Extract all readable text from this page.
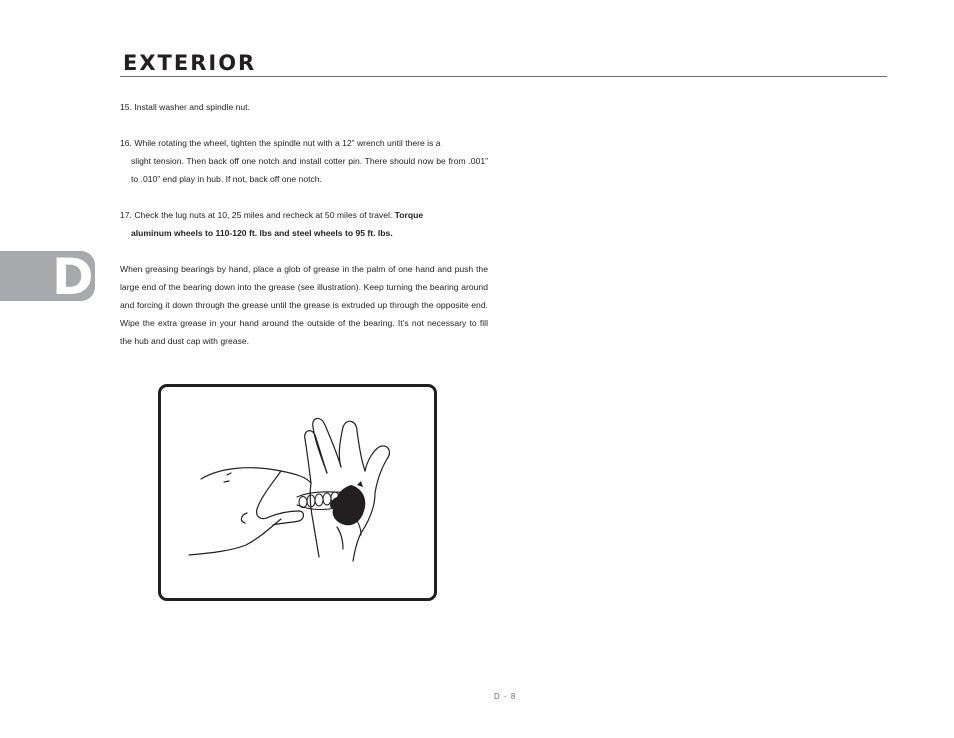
EXTERIOR
D

15. Install washer and spindle nut.

16. While rotating the wheel, tighten the spindle nut with a 12” wrench until there is a
slight tension. Then back off one notch and install cotter pin. There should now be from .001” to .010” end play in hub. If not, back off one notch.

17. Check the lug nuts at 10, 25 miles and recheck at 50 miles of travel. Torque
aluminum wheels to 110-120 ft. lbs and steel wheels to 95 ft. lbs.

When greasing bearings by hand, place a glob of grease in the palm of one hand and push the large end of the bearing down into the grease (see illustration). Keep turning the bearing around and forcing it down through the grease until the grease is extruded up through the opposite end. Wipe the extra grease in your hand around the outside of the bearing. It’s not necessary to fill the hub and dust cap with grease.

D - 8
